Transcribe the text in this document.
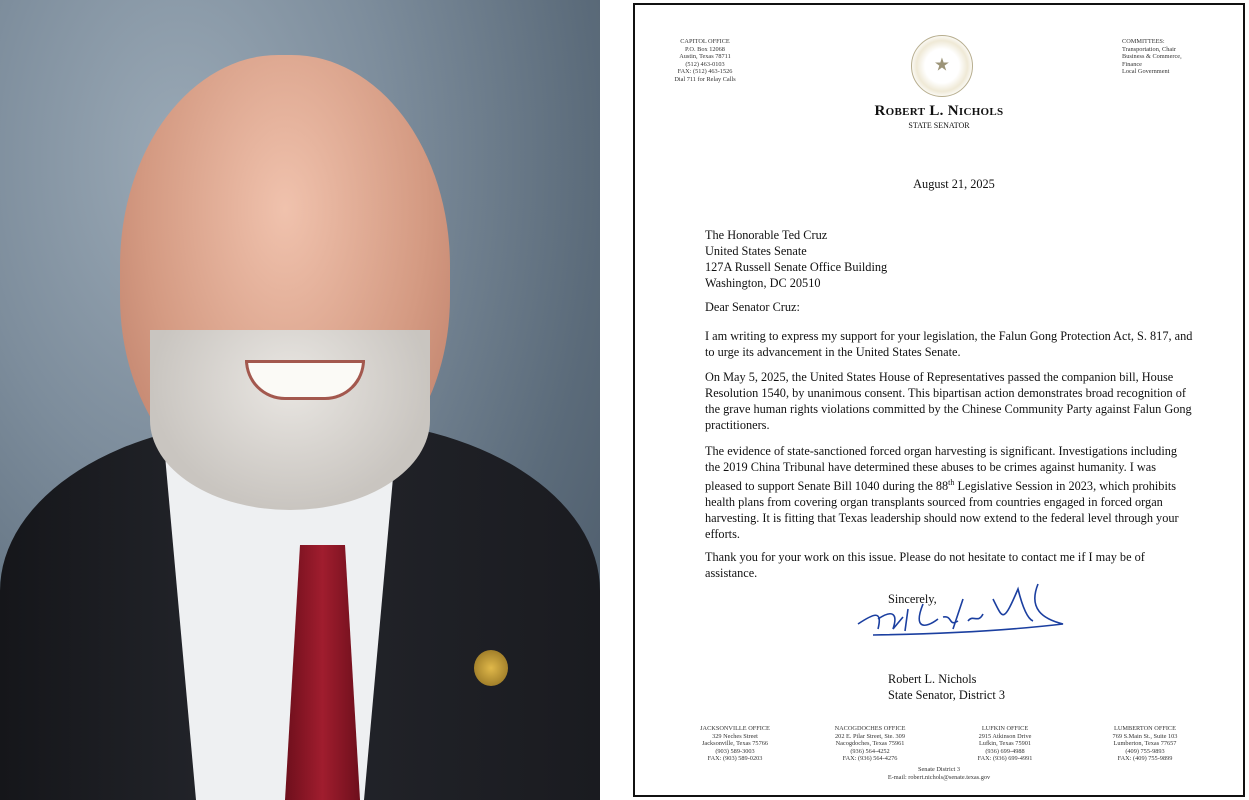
CAPITOL OFFICE
P.O. Box 12068
Austin, Texas 78711
(512) 463-0103
FAX: (512) 463-1526
Dial 711 for Relay Calls
COMMITTEES:
Transportation, Chair
Business & Commerce,
Finance
Local Government
★
Robert L. Nichols
STATE SENATOR
August 21, 2025
The Honorable Ted Cruz
United States Senate
127A Russell Senate Office Building
Washington, DC 20510
Dear Senator Cruz:
I am writing to express my support for your legislation, the Falun Gong Protection Act, S. 817, and to urge its advancement in the United States Senate.
On May 5, 2025, the United States House of Representatives passed the companion bill, House Resolution 1540, by unanimous consent. This bipartisan action demonstrates broad recognition of the grave human rights violations committed by the Chinese Community Party against Falun Gong practitioners.
The evidence of state-sanctioned forced organ harvesting is significant. Investigations including the 2019 China Tribunal have determined these abuses to be crimes against humanity. I was pleased to support Senate Bill 1040 during the 88th Legislative Session in 2023, which prohibits health plans from covering organ transplants sourced from countries engaged in forced organ harvesting. It is fitting that Texas leadership should now extend to the federal level through your efforts.
Thank you for your work on this issue. Please do not hesitate to contact me if I may be of assistance.
Sincerely,
Robert L. Nichols
State Senator, District 3
JACKSONVILLE OFFICE
329 Neches Street
Jacksonville, Texas 75766
(903) 589-3003
FAX: (903) 589-0203
NACOGDOCHES OFFICE
202 E. Pilar Street, Ste. 309
Nacogdoches, Texas 75961
(936) 564-4252
FAX: (936) 564-4276
LUFKIN OFFICE
2915 Atkinson Drive
Lufkin, Texas 75901
(936) 699-4988
FAX: (936) 699-4991
LUMBERTON OFFICE
769 S.Main St., Suite 103
Lumberton, Texas 77657
(409) 755-9893
FAX: (409) 755-9899
Senate District 3
E-mail: robert.nichols@senate.texas.gov
